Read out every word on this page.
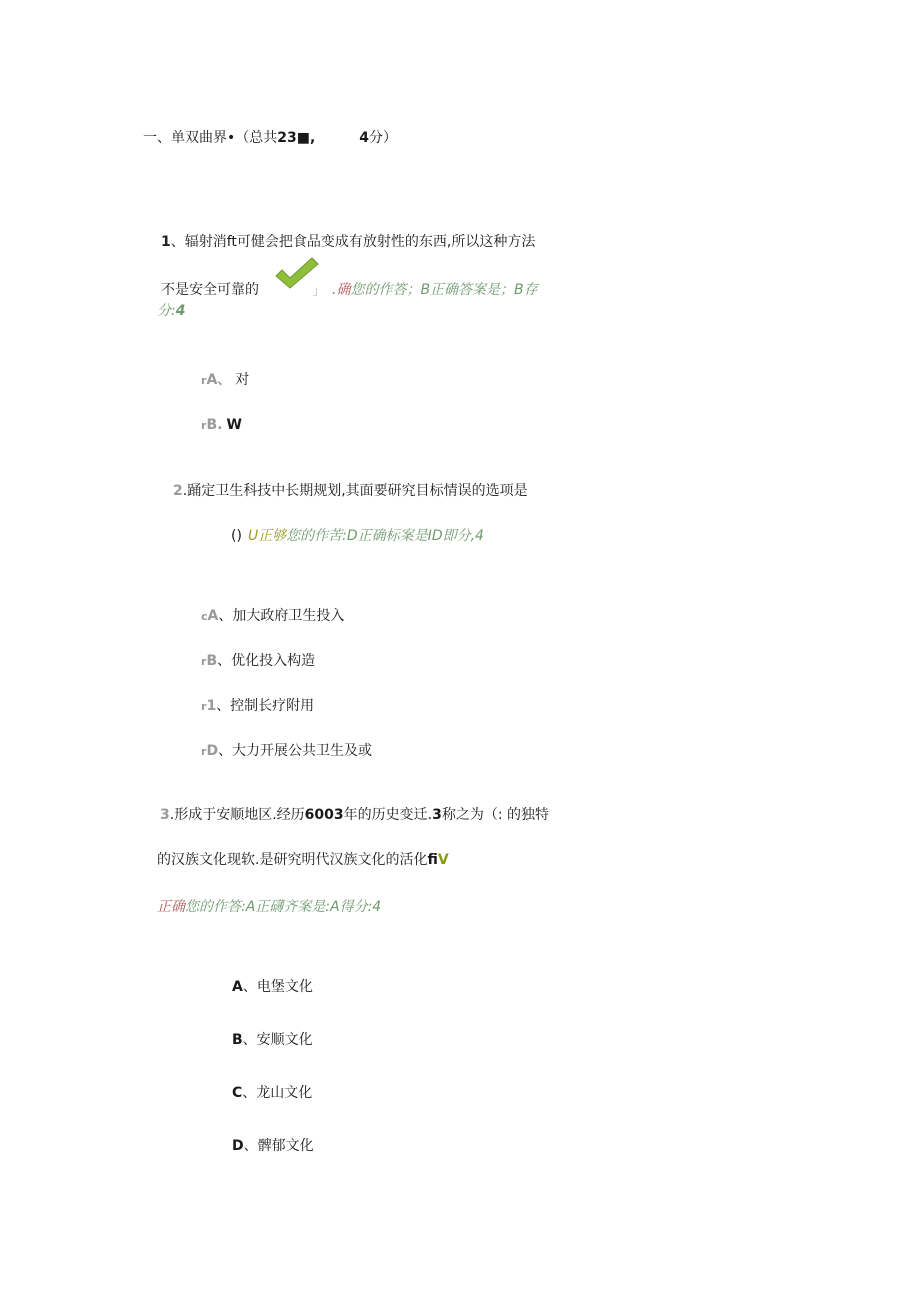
一、单双曲界•（总共23■,	4分）
1、辐射消ft可健会把食品变成有放射性的东西,所以这种方法
不是安全可靠的	」 .确您的作答；B正确答案是；B存
分:4
rA、 对
rB. W
2.踊定卫生科技中长期规划,其面要研究目标情误的选项是
() U正够您的作苦:D正确标案是ID即分,4
cA、加大政府卫生投入
rB、优化投入构造
r1、控制长疗附用
rD、大力开展公共卫生及或
3.形成于安顺地区.经历6003年的历史变迁.3称之为（: 的独特
的汉族文化现软.是研究明代汉族文化的活化fiV
正确您的作答:A正礴齐案是:A得分:4
A、电堡文化
B、安顺文化
C、龙山文化
D、髀郁文化
